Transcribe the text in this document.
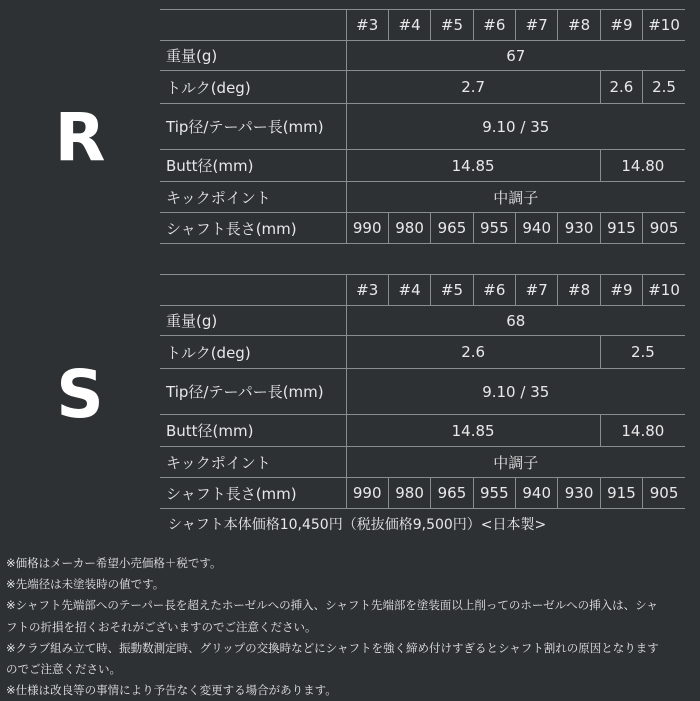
R
	#3	#4	#5	#6	#7	#8	#9	#10
重量(g)	67							
トルク(deg)	2.7						2.6	2.5
Tip径/テーパー長(mm)	9.10 / 35							
Butt径(mm)	14.85						14.80	
キックポイント	中調子							
シャフト長さ(mm)	990	980	965	955	940	930	915	905
S
	#3	#4	#5	#6	#7	#8	#9	#10
重量(g)	68							
トルク(deg)	2.6						2.5	
Tip径/テーパー長(mm)	9.10 / 35							
Butt径(mm)	14.85						14.80	
キックポイント	中調子							
シャフト長さ(mm)	990	980	965	955	940	930	915	905
シャフト本体価格10,450円（税抜価格9,500円）<日本製>

※価格はメーカー希望小売価格＋税です。

※先端径は未塗装時の値です。

※シャフト先端部へのテーパー長を超えたホーゼルへの挿入、シャフト先端部を塗装面以上削ってのホーゼルへの挿入は、シャ

フトの折損を招くおそれがございますのでご注意ください。

※クラブ組み立て時、振動数測定時、グリップの交換時などにシャフトを強く締め付けすぎるとシャフト割れの原因となります

のでご注意ください。

※仕様は改良等の事情により予告なく変更する場合があります。
